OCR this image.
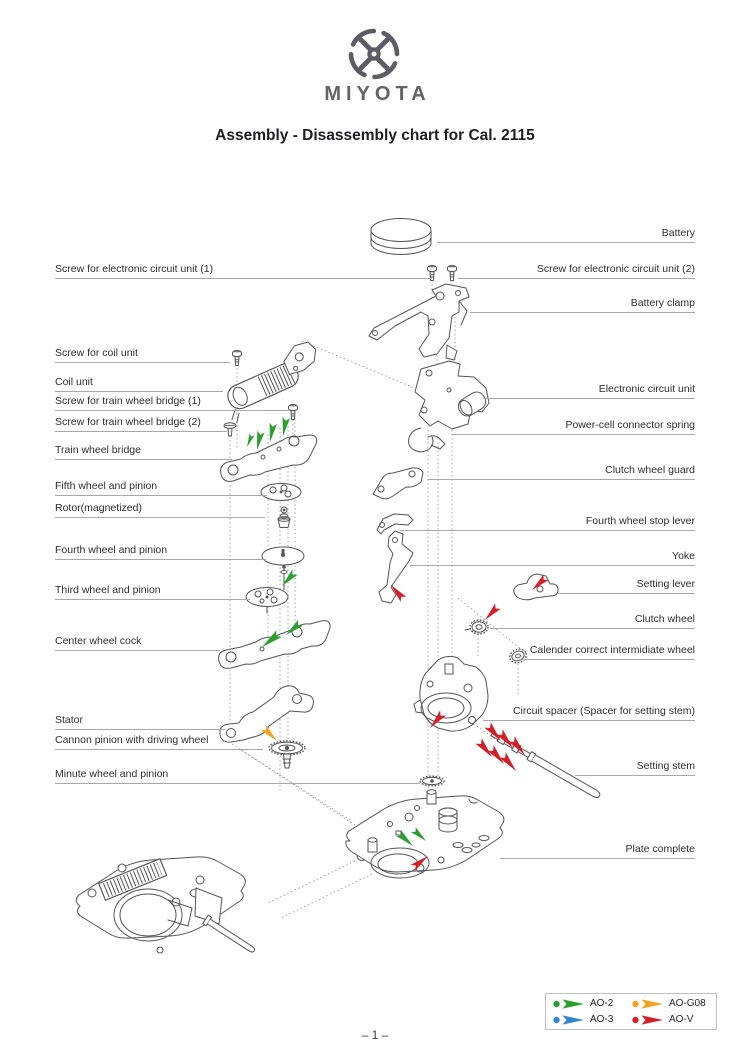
MIYOTA
Assembly - Disassembly chart for Cal. 2115
Screw for electronic circuit unit (1)
Screw for coil unit
Coil unit
Screw for train wheel bridge (1)
Screw for train wheel bridge (2)
Train wheel bridge
Fifth wheel and pinion
Rotor(magnetized)
Fourth wheel and pinion
Third wheel and pinion
Center wheel cock
Stator
Cannon pinion with driving wheel
Minute wheel and pinion
Battery
Screw for electronic circuit unit (2)
Battery clamp
Electronic circuit unit
Power-cell connector spring
Clutch wheel guard
Fourth wheel stop lever
Yoke
Setting lever
Clutch wheel
Calender correct intermidiate wheel
Circuit spacer (Spacer for setting stem)
Setting stem
Plate complete
AO-2	AO-G08
AO-3	AO-V
– 1 –
